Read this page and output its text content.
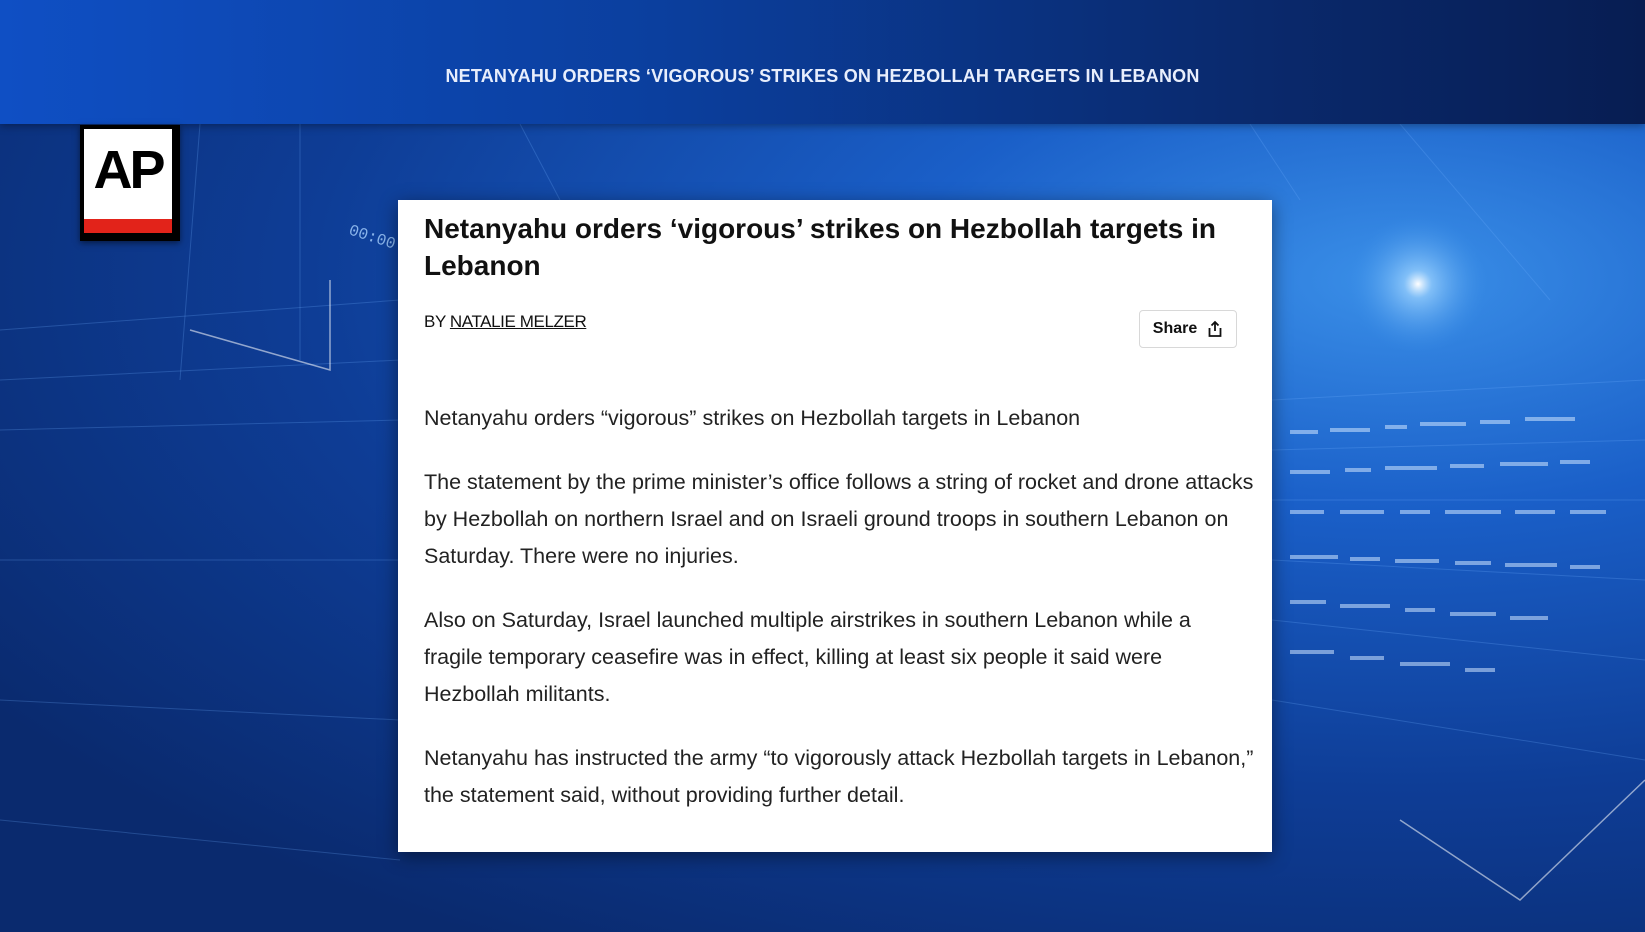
00:00
NETANYAHU ORDERS ‘VIGOROUS’ STRIKES ON HEZBOLLAH TARGETS IN LEBANON
AP
Netanyahu orders ‘vigorous’ strikes on Hezbollah targets in Lebanon
BY NATALIE MELZER	Share

Netanyahu orders “vigorous” strikes on Hezbollah targets in Lebanon

The statement by the prime minister’s office follows a string of rocket and drone attacks by Hezbollah on northern Israel and on Israeli ground troops in southern Lebanon on Saturday. There were no injuries.

Also on Saturday, Israel launched multiple airstrikes in southern Lebanon while a fragile temporary ceasefire was in effect, killing at least six people it said were Hezbollah militants.

Netanyahu has instructed the army “to vigorously attack Hezbollah targets in Lebanon,” the statement said, without providing further detail.
